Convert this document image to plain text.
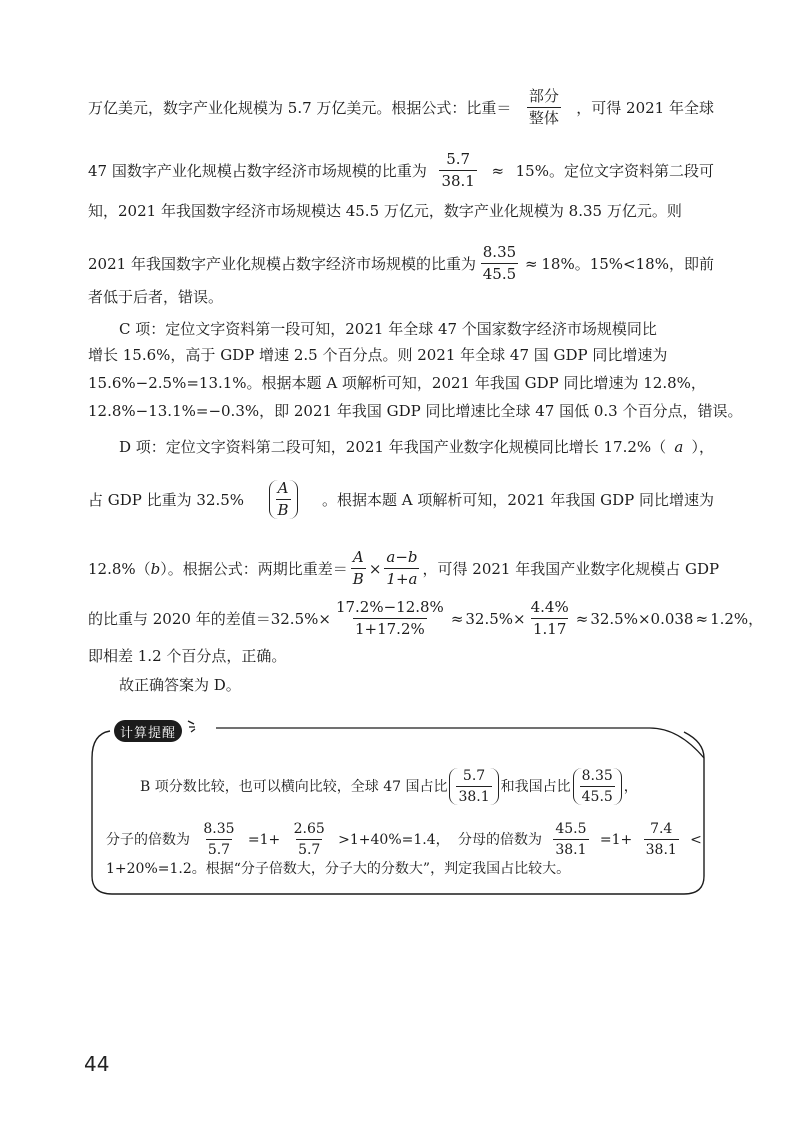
万亿美元，数字产业化规模为 5.7 万亿美元。根据公式：比重＝ $\frac{\text{部分}}{\text{整体}}$ ，可得 2021 年全球
47 国数字产业化规模占数字经济市场规模的比重为 $\frac{5.7}{38.1} \approx 15\%$。定位文字资料第二段可
知，2021 年我国数字经济市场规模达 45.5 万亿元，数字产业化规模为 8.35 万亿元。则
2021 年我国数字产业化规模占数字经济市场规模的比重为 $\frac{8.35}{45.5} \approx 18\%$。15%<18%，即前
者低于后者，错误。
C 项：定位文字资料第一段可知，2021 年全球 47 个国家数字经济市场规模同比
增长 15.6%，高于 GDP 增速 2.5 个百分点。则 2021 年全球 47 国 GDP 同比增速为
15.6%−2.5%=13.1%。根据本题 A 项解析可知，2021 年我国 GDP 同比增速为 12.8%，
12.8%−13.1%=−0.3%，即 2021 年我国 GDP 同比增速比全球 47 国低 0.3 个百分点，错误。
D 项：定位文字资料第二段可知，2021 年我国产业数字化规模同比增长 17.2%（ a ），
占 GDP 比重为 $32.5\% \frac{A}{B}$ 。根据本题 A 项解析可知，2021 年我国 GDP 同比增速为
12.8%（ b ）。根据公式：两期比重差＝ $\frac{A}{B} \times \frac{a-b}{1+a}$ ，可得 2021 年我国产业数字化规模占 GDP
的比重与 2020 年的差值$=32.5\%\times \frac{17.2\%-12.8\%}{1+17.2\%} \approx 32.5\%\times \frac{4.4\%}{1.17} \approx 32.5\%\times 0.038 \approx 1.2\%$，
即相差 1.2 个百分点，正确。
故正确答案为 D。
计算提醒
B 项分数比较，也可以横向比较，全球 47 国占比 $\frac{5.7}{38.1}$ 和我国占比 $\frac{8.35}{45.5}$ ，
分子的倍数为 $\frac{8.35}{5.7} =1+ \frac{2.65}{5.7} >1+40\%=1.4$， 分母的倍数为 $\frac{45.5}{38.1} =1+ \frac{7.4}{38.1}$ <
1+20%=1.2。根据“分子倍数大，分子大的分数大”，判定我国占比较大。
44
